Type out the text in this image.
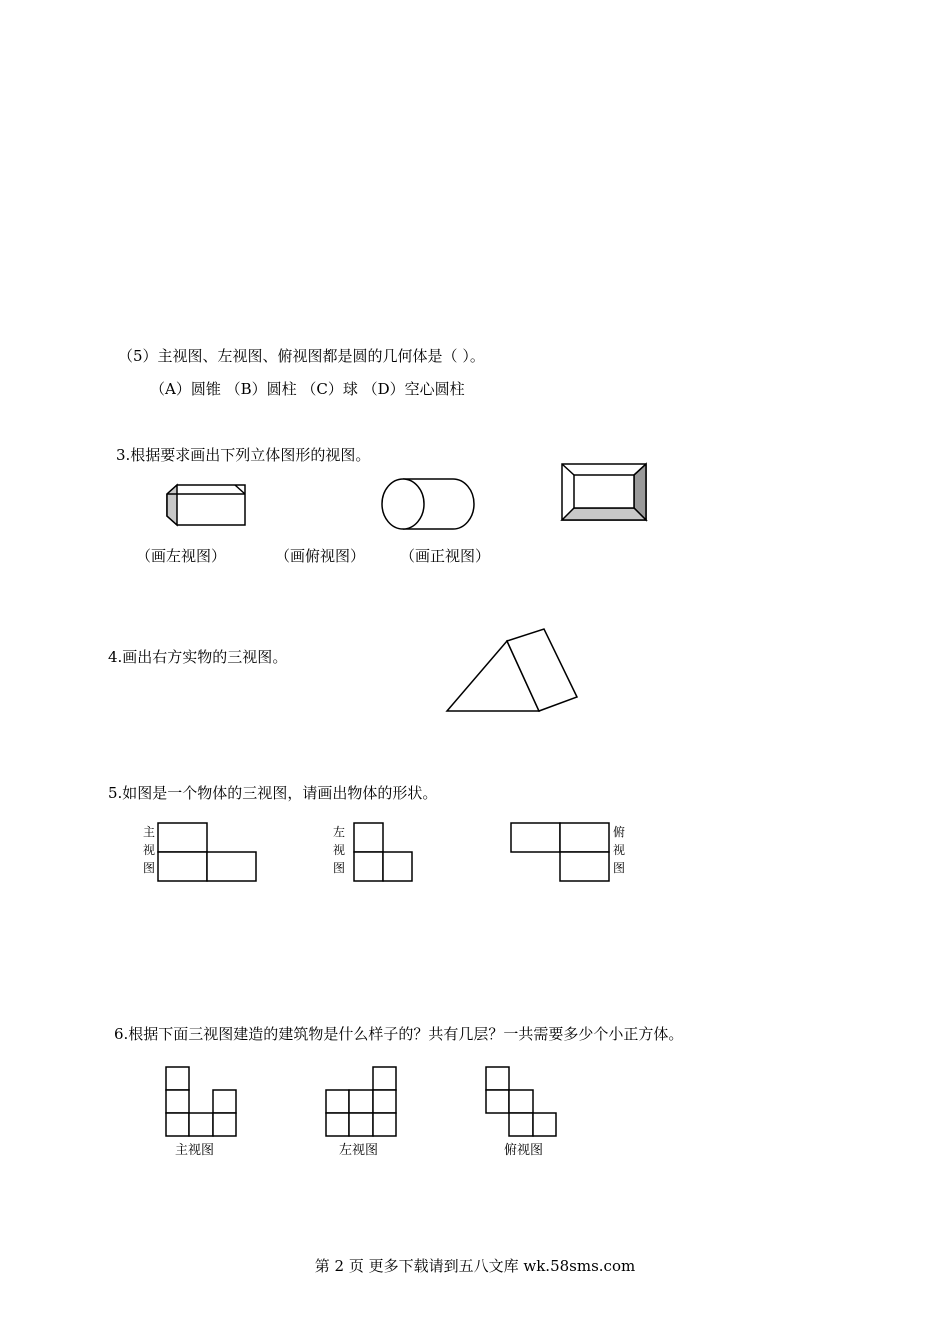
（5）主视图、左视图、俯视图都是圆的几何体是（ ）。
（A）圆锥 （B）圆柱 （C）球 （D）空心圆柱
3.根据要求画出下列立体图形的视图。
（画左视图）	（画俯视图） （画正视图）
4.画出右方实物的三视图。
5.如图是一个物体的三视图，请画出物体的形状。
主
视
图
左
视
图
俯
视
图
6.根据下面三视图建造的建筑物是什么样子的？共有几层？一共需要多少个小正方体。
主视图	左视图	俯视图
第 2 页 更多下载请到五八文库 wk.58sms.com
